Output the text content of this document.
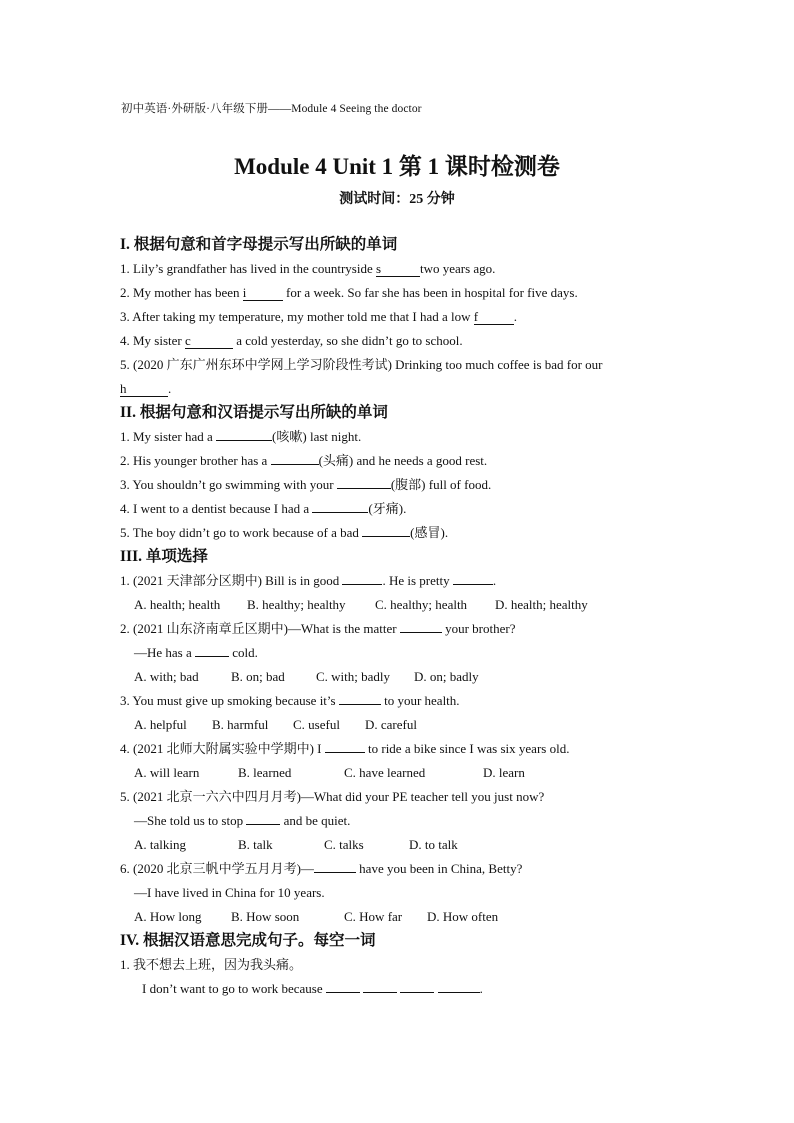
初中英语·外研版·八年级下册——Module 4 Seeing the doctor
Module 4 Unit 1 第 1 课时检测卷
测试时间：25 分钟
I. 根据句意和首字母提示写出所缺的单词
1. Lily’s grandfather has lived in the countryside s	two years ago.
2. My mother has been i	for a week. So far she has been in hospital for five days.
3. After taking my temperature, my mother told me that I had a low f	.
4. My sister c	a cold yesterday, so she didn’t go to school.
5. (2020 广东广州东环中学网上学习阶段性考试) Drinking too much coffee is bad for our
h	.
II. 根据句意和汉语提示写出所缺的单词
1. My sister had a	(咳嗽) last night.
2. His younger brother has a	(头痛) and he needs a good rest.
3. You shouldn’t go swimming with your	(腹部) full of food.
4. I went to a dentist because I had a	(牙痛).
5. The boy didn’t go to work because of a bad	(感冒).
III. 单项选择
1. (2021 天津部分区期中) Bill is in good	. He is pretty	.
A. health; health B. healthy; healthy C. healthy; health D. health; healthy
2. (2021 山东济南章丘区期中)—What is the matter	your brother?
—He has a	cold.
A. with; bad B. on; bad C. with; badly D. on; badly
3. You must give up smoking because it’s	to your health.
A. helpful B. harmful C. useful D. careful
4. (2021 北师大附属实验中学期中) I	to ride a bike since I was six years old.
A. will learn	B. learned	C. have learned	D. learn
5. (2021 北京一六六中四月月考)—What did your PE teacher tell you just now?
—She told us to stop	and be quiet.
A. talking	B. talk	C. talks	D. to talk
6. (2020 北京三帆中学五月月考)—	have you been in China, Betty?
—I have lived in China for 10 years.
A. How long B. How soon	C. How far D. How often
IV. 根据汉语意思完成句子。每空一词
1. 我不想去上班，因为我头痛。
I don’t want to go to work because	.
